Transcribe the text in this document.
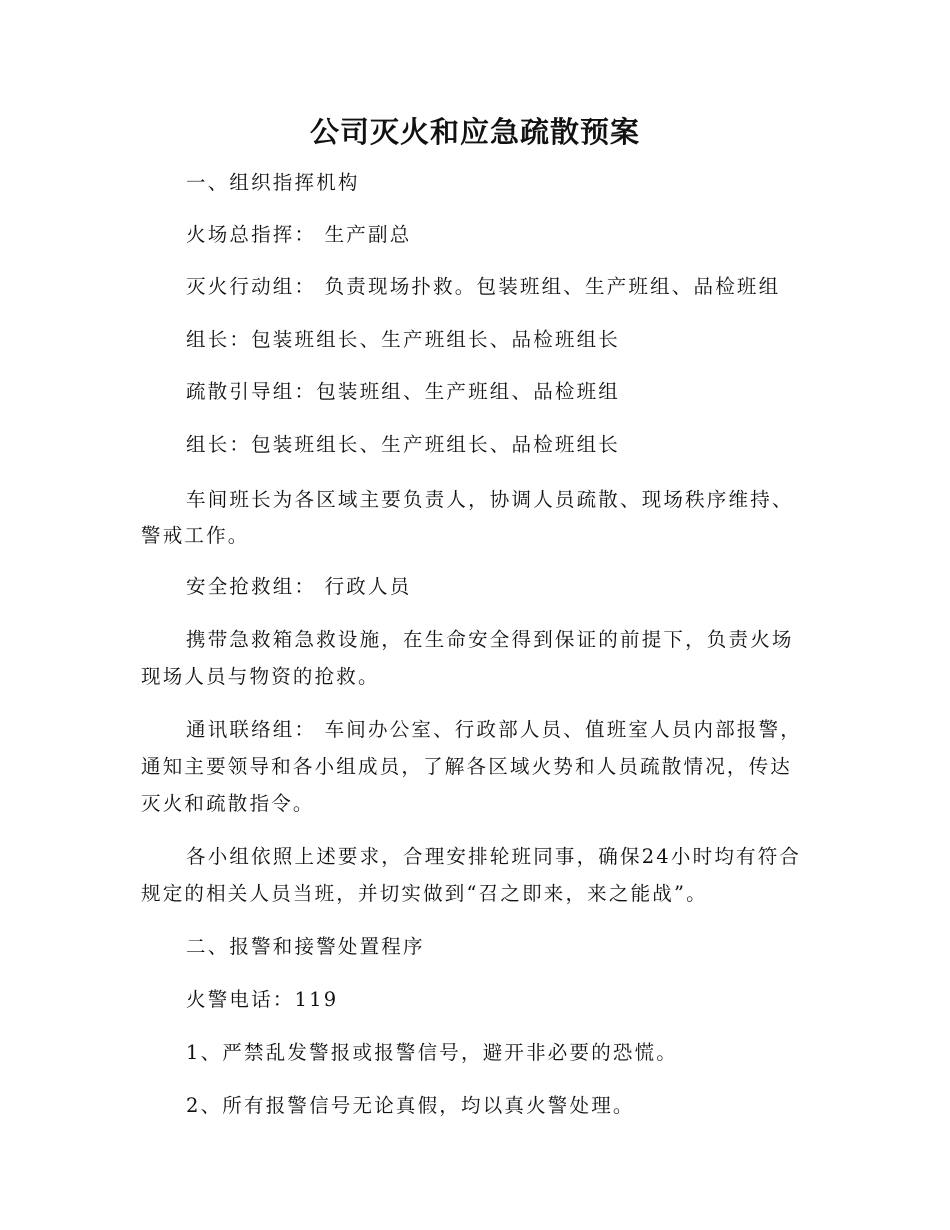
公司灭火和应急疏散预案

一、组织指挥机构

火场总指挥： 生产副总

灭火行动组： 负责现场扑救。包装班组、生产班组、品检班组

组长：包装班组长、生产班组长、品检班组长

疏散引导组：包装班组、生产班组、品检班组

组长：包装班组长、生产班组长、品检班组长

车间班长为各区域主要负责人，协调人员疏散、现场秩序维持、

警戒工作。

安全抢救组： 行政人员

携带急救箱急救设施，在生命安全得到保证的前提下，负责火场

现场人员与物资的抢救。

通讯联络组： 车间办公室、行政部人员、值班室人员内部报警，

通知主要领导和各小组成员，了解各区域火势和人员疏散情况，传达

灭火和疏散指令。

各小组依照上述要求，合理安排轮班同事，确保24小时均有符合

规定的相关人员当班，并切实做到“召之即来，来之能战”。

二、报警和接警处置程序

火警电话：119

1、严禁乱发警报或报警信号，避开非必要的恐慌。

2、所有报警信号无论真假，均以真火警处理。
